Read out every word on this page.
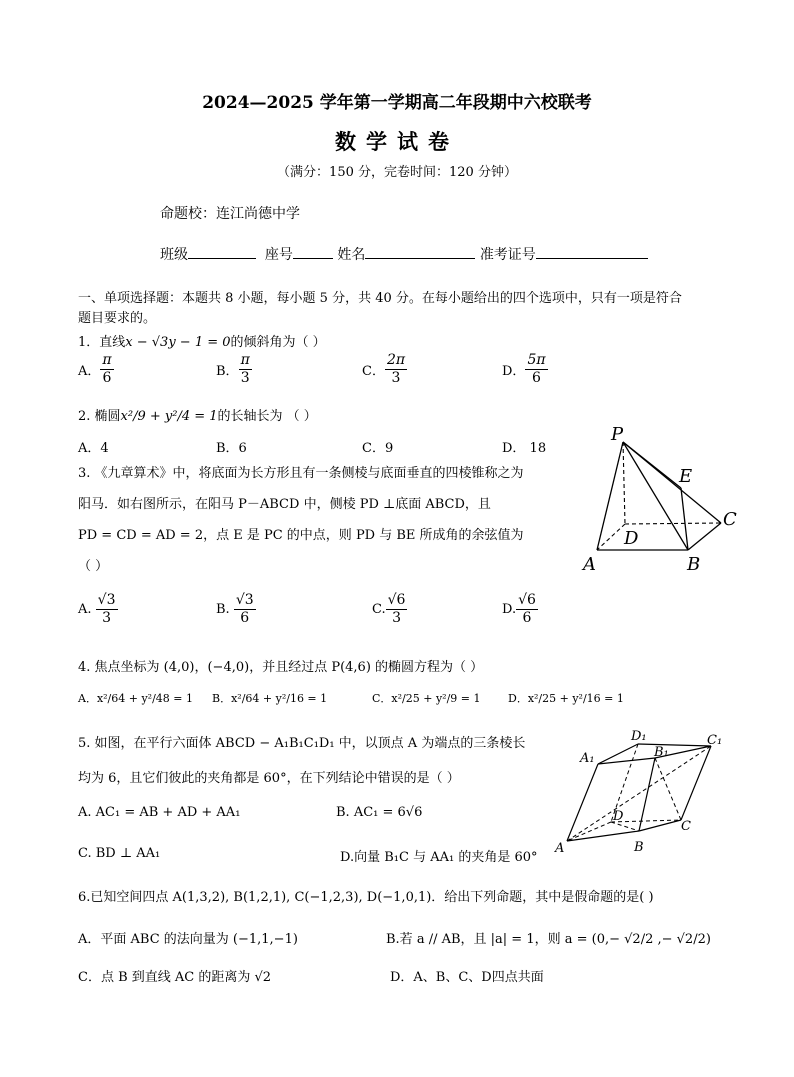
2024—2025 学年第一学期高二年段期中六校联考
数学试卷
（满分：150 分，完卷时间：120 分钟）
命题校：连江尚德中学
班级	座号	姓名	准考证号
一、单项选择题：本题共 8 小题，每小题 5 分，共 40 分。在每小题给出的四个选项中，只有一项是符合
题目要求的。
1．直线x − √3y − 1 = 0的倾斜角为（ ）
A． $\frac{\pi}{6}$	B． $\frac{\pi}{3}$	C． $\frac{2\pi}{3}$	D． $\frac{5\pi}{6}$
2. 椭圆x²/9 + y²/4 = 1的长轴长为 （ ）
A．4	B．6	C．9	D． 18
3. 《九章算术》中，将底面为长方形且有一条侧棱与底面垂直的四棱锥称之为
阳马．如右图所示，在阳马 P－ABCD 中，侧棱 PD ⊥底面 ABCD，且
PD = CD = AD = 2，点 E 是 PC 的中点，则 PD 与 BE 所成角的余弦值为
（ ）
A. $\frac{√3}{3}$	B. $\frac{√3}{6}$	C. $\frac{√6}{3}$	D. $\frac{√6}{6}$
P
E
C
D
A	B
4. 焦点坐标为 (4,0)，(−4,0)，并且经过点 P(4,6) 的椭圆方程为（ ）
A．x²/64 + y²/48 = 1 B．x²/64 + y²/16 = 1	C．x²/25 + y²/9 = 1	D．x²/25 + y²/16 = 1
5. 如图，在平行六面体 ABCD − A₁B₁C₁D₁ 中，以顶点 A 为端点的三条棱长
均为 6，且它们彼此的夹角都是 60°，在下列结论中错误的是（ ）
A. AC₁ = AB + AD + AA₁	B. AC₁ = 6√6
C. BD ⊥ AA₁	D.向量 B₁C 与 AA₁ 的夹角是 60°
D₁	C₁
A₁	B₁
D
C
A	B
6.已知空间四点 A(1,3,2), B(1,2,1), C(−1,2,3), D(−1,0,1)．给出下列命题，其中是假命题的是( )
A．平面 ABC 的法向量为 (−1,1,−1)	B.若 a // AB，且 |a| = 1，则 a = (0,− √2/2 ,− √2/2)
C．点 B 到直线 AC 的距离为 √2	D．A、B、C、D四点共面
